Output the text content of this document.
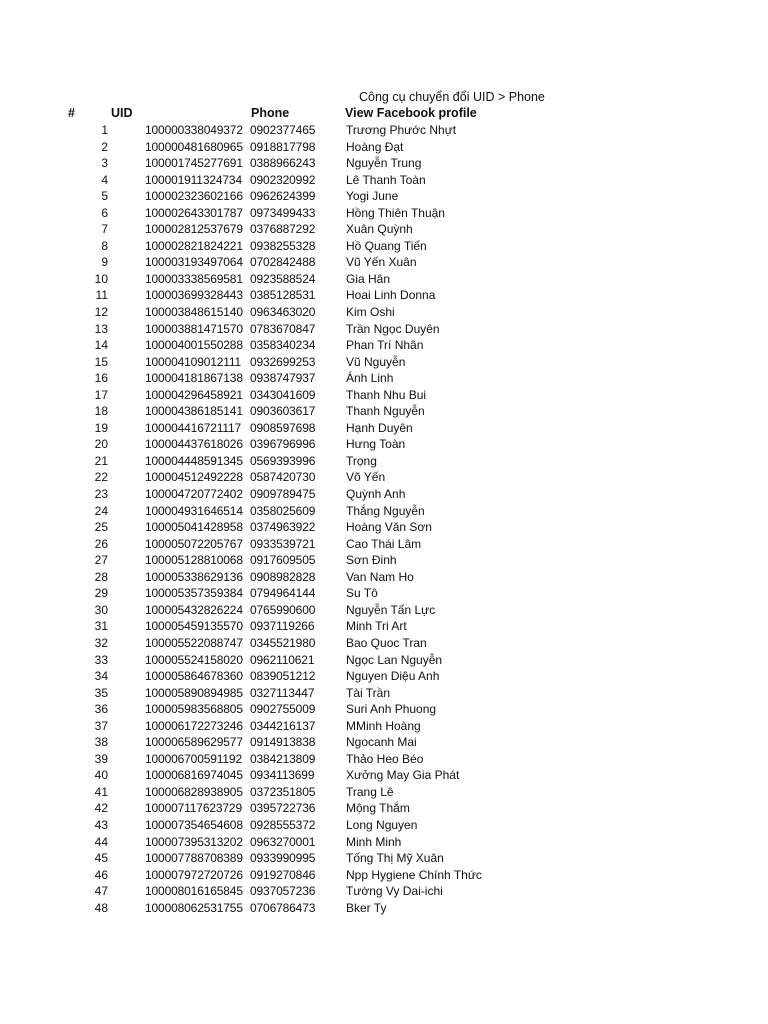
Công cụ chuyển đổi UID > Phone
#	UID	Phone	View Facebook profile
1	100000338049372 0902377465	Trương Phước Nhựt
2	100000481680965 0918817798	Hoàng Đạt
3	100001745277691 0388966243	Nguyễn Trung
4	100001911324734 0902320992	Lê Thanh Toàn
5	100002323602166 0962624399	Yogi June
6	100002643301787 0973499433	Hồng Thiên Thuận
7	100002812537679 0376887292	Xuân Quỳnh
8	100002821824221 0938255328	Hồ Quang Tiến
9	100003193497064 0702842488	Vũ Yến Xuân
10	100003338569581 0923588524	Gia Hân
11	100003699328443 0385128531	Hoai Linh Donna
12	100003848615140 0963463020	Kim Oshi
13	100003881471570 0783670847	Trần Ngọc Duyên
14	100004001550288 0358340234	Phan Trí Nhân
15	100004109012111 0932699253	Vũ Nguyễn
16	100004181867138 0938747937	Ánh Linh
17	100004296458921 0343041609	Thanh Nhu Bui
18	100004386185141 0903603617	Thanh Nguyễn
19	100004416721117 0908597698	Hạnh Duyên
20	100004437618026 0396796996	Hưng Toàn
21	100004448591345 0569393996	Trọng
22	100004512492228 0587420730	Võ Yến
23	100004720772402 0909789475	Quỳnh Anh
24	100004931646514 0358025609	Thắng Nguyễn
25	100005041428958 0374963922	Hoàng Văn Sơn
26	100005072205767 0933539721	Cao Thái Lâm
27	100005128810068 0917609505	Sơn Đinh
28	100005338629136 0908982828	Van Nam Ho
29	100005357359384 0794964144	Su Tô
30	100005432826224 0765990600	Nguyễn Tấn Lực
31	100005459135570 0937119266	Minh Tri Art
32	100005522088747 0345521980	Bao Quoc Tran
33	100005524158020 0962110621	Ngọc Lan Nguyễn
34	100005864678360 0839051212	Nguyen Diệu Anh
35	100005890894985 0327113447	Tài Trần
36	100005983568805 0902755009	Suri Anh Phuong
37	100006172273246 0344216137	MMinh Hoàng
38	100006589629577 0914913838	Ngocanh Mai
39	100006700591192 0384213809	Thảo Heo Béo
40	100006816974045 0934113699	Xưởng May Gia Phát
41	100006828938905 0372351805	Trang Lê
42	100007117623729 0395722736	Mộng Thắm
43	100007354654608 0928555372	Long Nguyen
44	100007395313202 0963270001	Minh Minh
45	100007788708389 0933990995	Tống Thị Mỹ Xuân
46	100007972720726 0919270846	Npp Hygiene Chính Thức
47	100008016165845 0937057236	Tường Vy Dai-ichi
48	100008062531755 0706786473	Bker Ty
